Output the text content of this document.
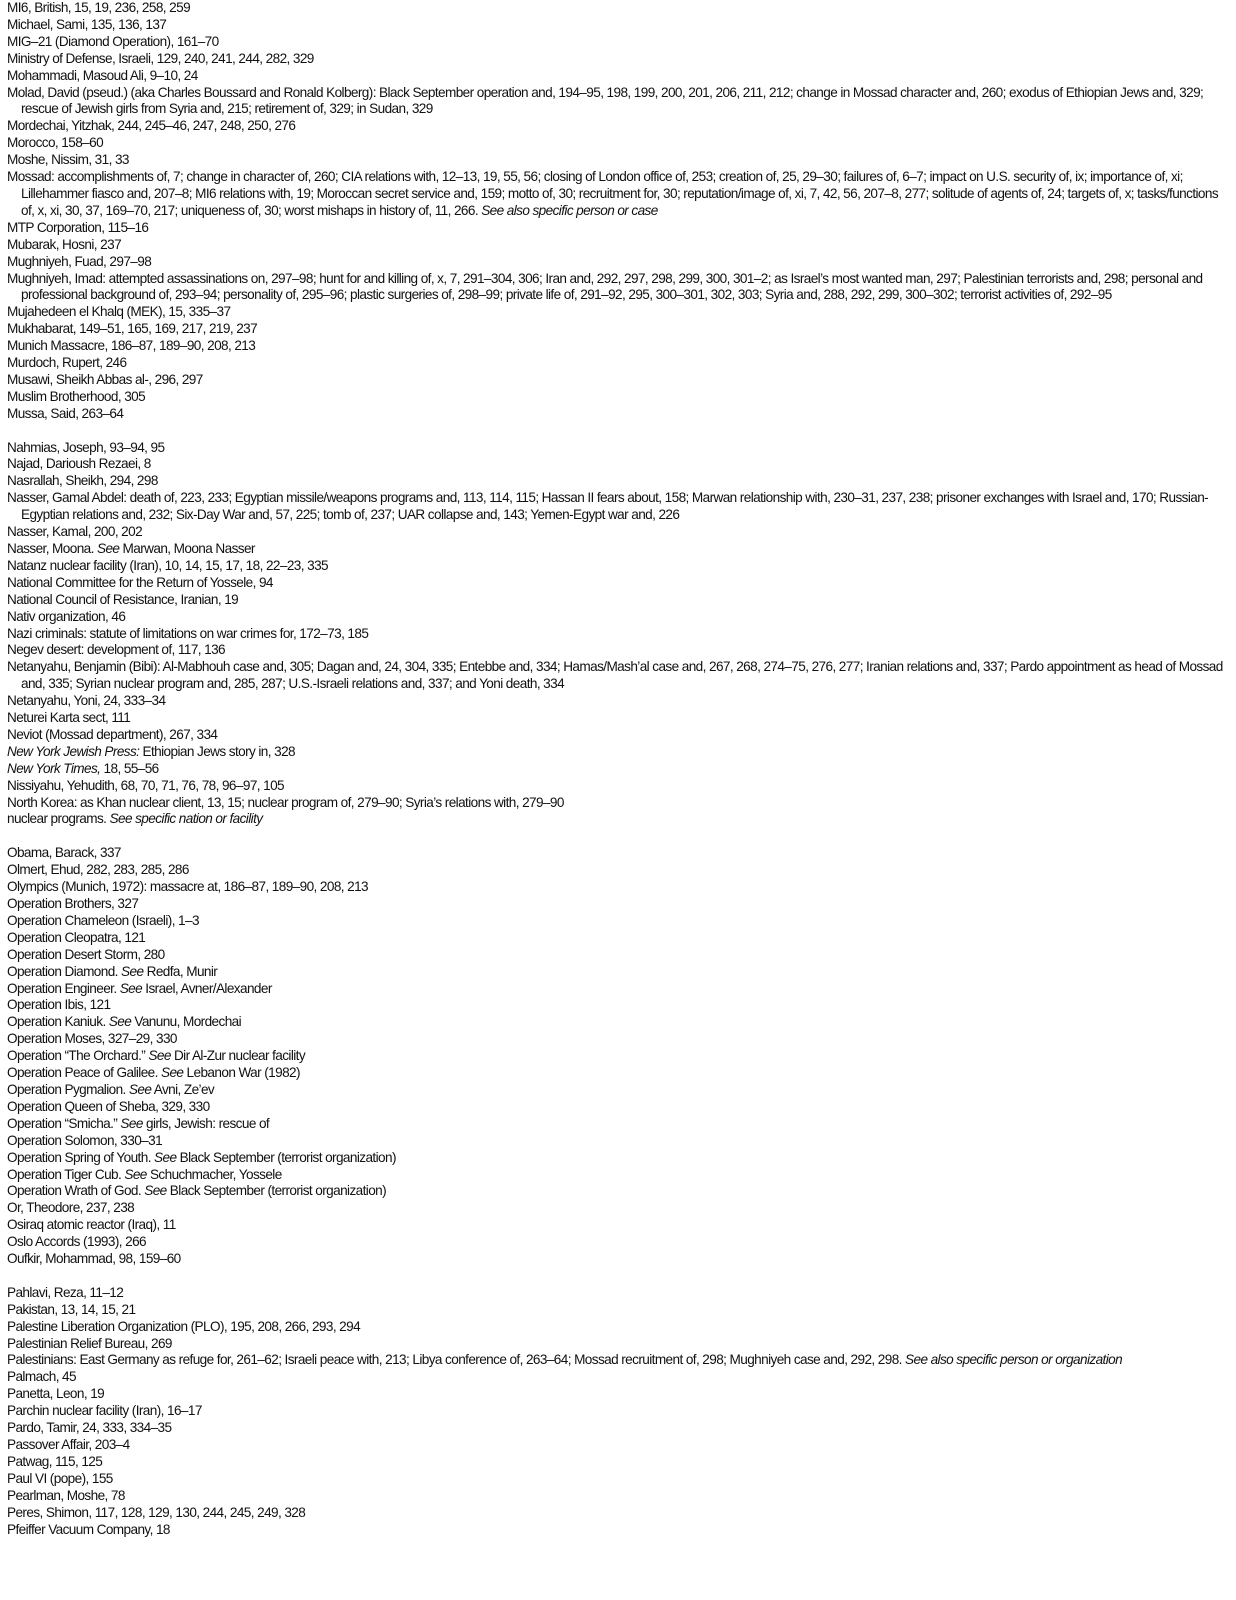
MI6, British, 15, 19, 236, 258, 259
Michael, Sami, 135, 136, 137
MIG–21 (Diamond Operation), 161–70
Ministry of Defense, Israeli, 129, 240, 241, 244, 282, 329
Mohammadi, Masoud Ali, 9–10, 24
Molad, David (pseud.) (aka Charles Boussard and Ronald Kolberg): Black September operation and, 194–95, 198, 199, 200, 201, 206, 211, 212; change in Mossad character and, 260; exodus of Ethiopian Jews and, 329; rescue of Jewish girls from Syria and, 215; retirement of, 329; in Sudan, 329
Mordechai, Yitzhak, 244, 245–46, 247, 248, 250, 276
Morocco, 158–60
Moshe, Nissim, 31, 33
Mossad: accomplishments of, 7; change in character of, 260; CIA relations with, 12–13, 19, 55, 56; closing of London office of, 253; creation of, 25, 29–30; failures of, 6–7; impact on U.S. security of, ix; importance of, xi; Lillehammer fiasco and, 207–8; MI6 relations with, 19; Moroccan secret service and, 159; motto of, 30; recruitment for, 30; reputation/image of, xi, 7, 42, 56, 207–8, 277; solitude of agents of, 24; targets of, x; tasks/functions of, x, xi, 30, 37, 169–70, 217; uniqueness of, 30; worst mishaps in history of, 11, 266. See also specific person or case
MTP Corporation, 115–16
Mubarak, Hosni, 237
Mughniyeh, Fuad, 297–98
Mughniyeh, Imad: attempted assassinations on, 297–98; hunt for and killing of, x, 7, 291–304, 306; Iran and, 292, 297, 298, 299, 300, 301–2; as Israel’s most wanted man, 297; Palestinian terrorists and, 298; personal and professional background of, 293–94; personality of, 295–96; plastic surgeries of, 298–99; private life of, 291–92, 295, 300–301, 302, 303; Syria and, 288, 292, 299, 300–302; terrorist activities of, 292–95
Mujahedeen el Khalq (MEK), 15, 335–37
Mukhabarat, 149–51, 165, 169, 217, 219, 237
Munich Massacre, 186–87, 189–90, 208, 213
Murdoch, Rupert, 246
Musawi, Sheikh Abbas al-, 296, 297
Muslim Brotherhood, 305
Mussa, Said, 263–64
Nahmias, Joseph, 93–94, 95
Najad, Darioush Rezaei, 8
Nasrallah, Sheikh, 294, 298
Nasser, Gamal Abdel: death of, 223, 233; Egyptian missile/weapons programs and, 113, 114, 115; Hassan II fears about, 158; Marwan relationship with, 230–31, 237, 238; prisoner exchanges with Israel and, 170; Russian-Egyptian relations and, 232; Six-Day War and, 57, 225; tomb of, 237; UAR collapse and, 143; Yemen-Egypt war and, 226
Nasser, Kamal, 200, 202
Nasser, Moona. See Marwan, Moona Nasser
Natanz nuclear facility (Iran), 10, 14, 15, 17, 18, 22–23, 335
National Committee for the Return of Yossele, 94
National Council of Resistance, Iranian, 19
Nativ organization, 46
Nazi criminals: statute of limitations on war crimes for, 172–73, 185
Negev desert: development of, 117, 136
Netanyahu, Benjamin (Bibi): Al-Mabhouh case and, 305; Dagan and, 24, 304, 335; Entebbe and, 334; Hamas/Mash’al case and, 267, 268, 274–75, 276, 277; Iranian relations and, 337; Pardo appointment as head of Mossad and, 335; Syrian nuclear program and, 285, 287; U.S.-Israeli relations and, 337; and Yoni death, 334
Netanyahu, Yoni, 24, 333–34
Neturei Karta sect, 111
Neviot (Mossad department), 267, 334
New York Jewish Press: Ethiopian Jews story in, 328
New York Times, 18, 55–56
Nissiyahu, Yehudith, 68, 70, 71, 76, 78, 96–97, 105
North Korea: as Khan nuclear client, 13, 15; nuclear program of, 279–90; Syria’s relations with, 279–90
nuclear programs. See specific nation or facility
Obama, Barack, 337
Olmert, Ehud, 282, 283, 285, 286
Olympics (Munich, 1972): massacre at, 186–87, 189–90, 208, 213
Operation Brothers, 327
Operation Chameleon (Israeli), 1–3
Operation Cleopatra, 121
Operation Desert Storm, 280
Operation Diamond. See Redfa, Munir
Operation Engineer. See Israel, Avner/Alexander
Operation Ibis, 121
Operation Kaniuk. See Vanunu, Mordechai
Operation Moses, 327–29, 330
Operation “The Orchard.” See Dir Al-Zur nuclear facility
Operation Peace of Galilee. See Lebanon War (1982)
Operation Pygmalion. See Avni, Ze’ev
Operation Queen of Sheba, 329, 330
Operation “Smicha.” See girls, Jewish: rescue of
Operation Solomon, 330–31
Operation Spring of Youth. See Black September (terrorist organization)
Operation Tiger Cub. See Schuchmacher, Yossele
Operation Wrath of God. See Black September (terrorist organization)
Or, Theodore, 237, 238
Osiraq atomic reactor (Iraq), 11
Oslo Accords (1993), 266
Oufkir, Mohammad, 98, 159–60
Pahlavi, Reza, 11–12
Pakistan, 13, 14, 15, 21
Palestine Liberation Organization (PLO), 195, 208, 266, 293, 294
Palestinian Relief Bureau, 269
Palestinians: East Germany as refuge for, 261–62; Israeli peace with, 213; Libya conference of, 263–64; Mossad recruitment of, 298; Mughniyeh case and, 292, 298. See also specific person or organization
Palmach, 45
Panetta, Leon, 19
Parchin nuclear facility (Iran), 16–17
Pardo, Tamir, 24, 333, 334–35
Passover Affair, 203–4
Patwag, 115, 125
Paul VI (pope), 155
Pearlman, Moshe, 78
Peres, Shimon, 117, 128, 129, 130, 244, 245, 249, 328
Pfeiffer Vacuum Company, 18
